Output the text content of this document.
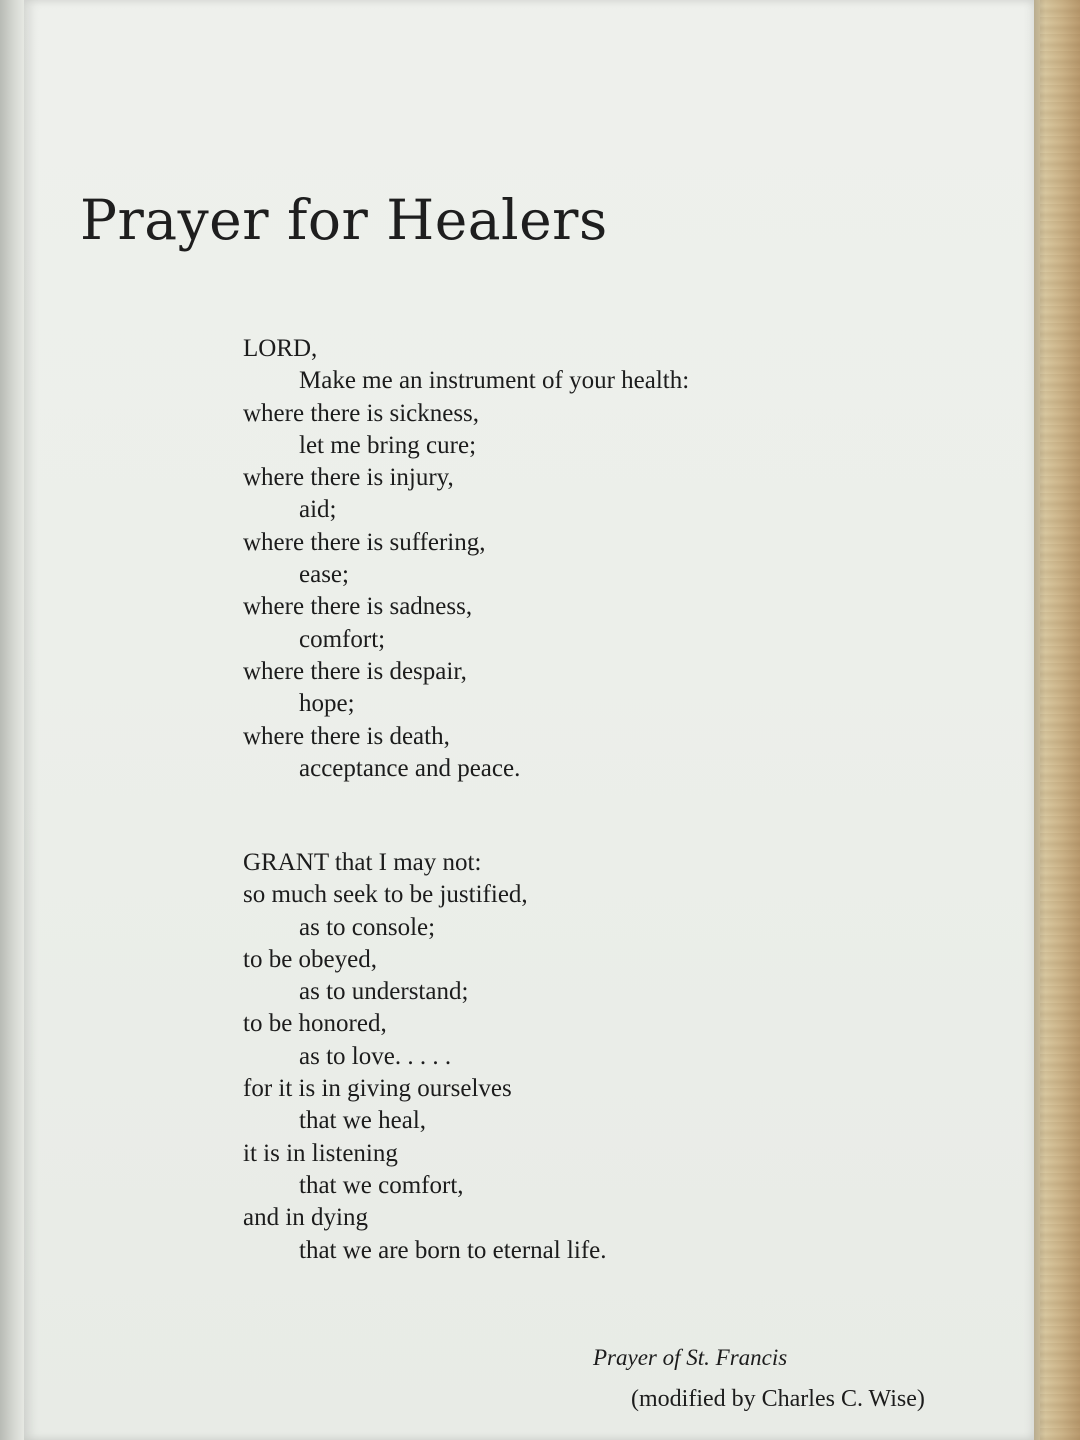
Prayer for Healers
LORD,
Make me an instrument of your health:
where there is sickness,
let me bring cure;
where there is injury,
aid;
where there is suffering,
ease;
where there is sadness,
comfort;
where there is despair,
hope;
where there is death,
acceptance and peace.
GRANT that I may not:
so much seek to be justified,
as to console;
to be obeyed,
as to understand;
to be honored,
as to love. . . . .
for it is in giving ourselves
that we heal,
it is in listening
that we comfort,
and in dying
that we are born to eternal life.
Prayer of St. Francis
(modified by Charles C. Wise)
